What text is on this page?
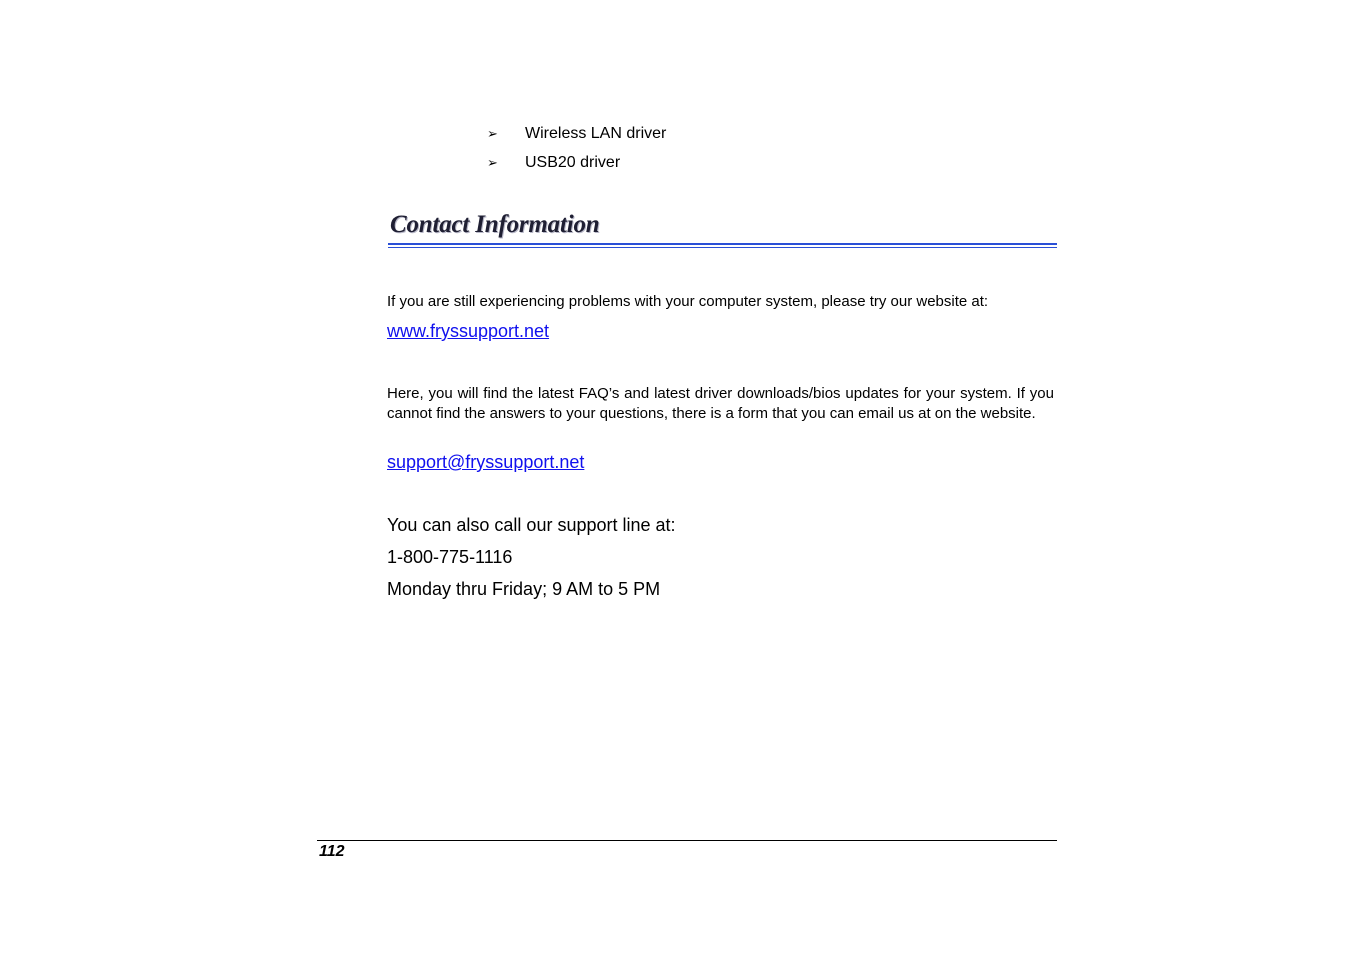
➢	Wireless LAN driver
➢	USB20 driver
Contact Information

If you are still experiencing problems with your computer system, please try our website at:

www.fryssupport.net

Here, you will find the latest FAQ’s and latest driver downloads/bios updates for your system. If you cannot find the answers to your questions, there is a form that you can email us at on the website.

support@fryssupport.net

You can also call our support line at:

1-800-775-1116

Monday thru Friday; 9 AM to 5 PM

112
